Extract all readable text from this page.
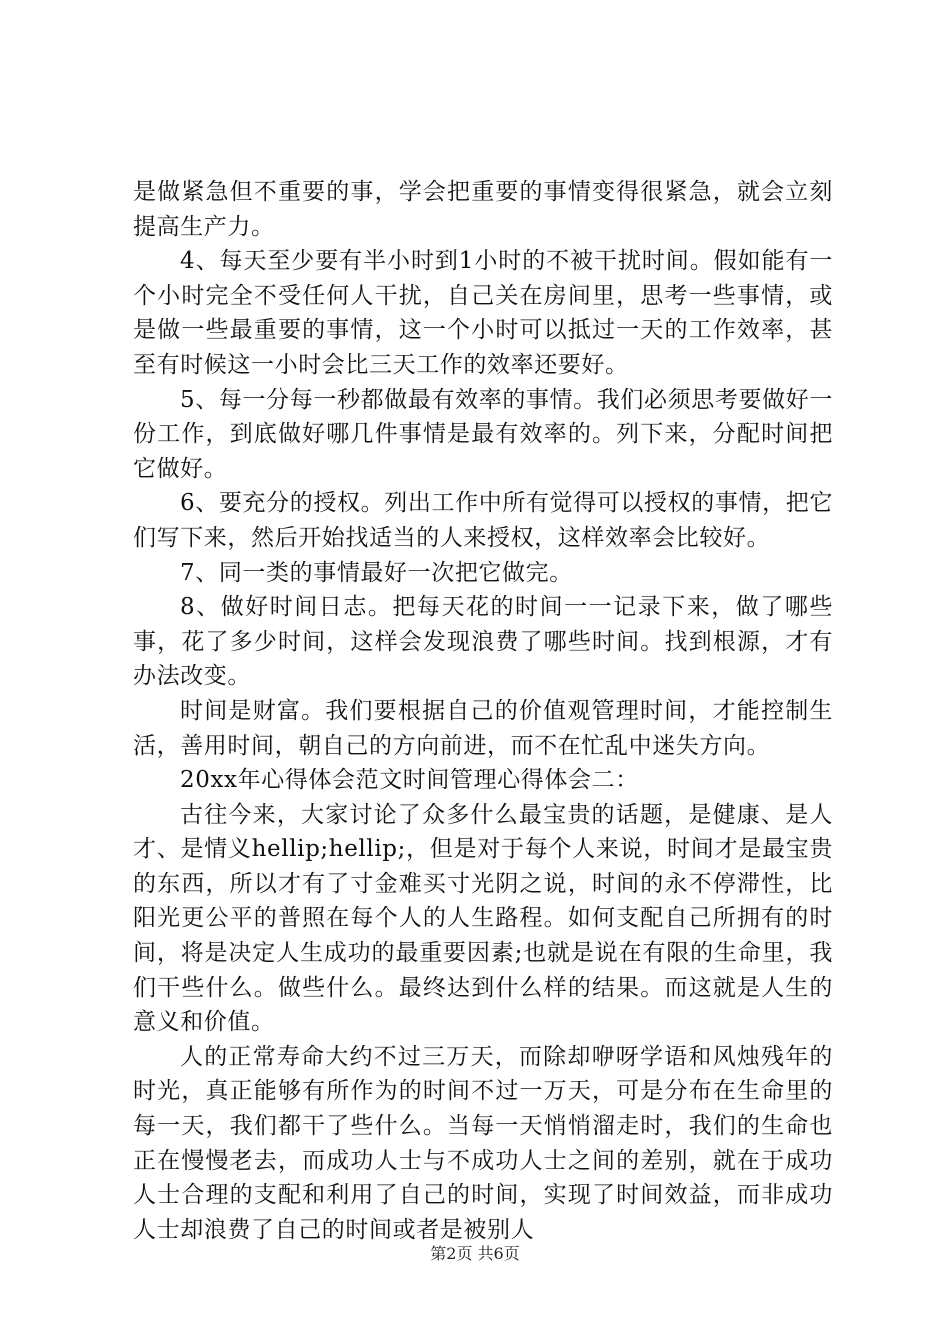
是做紧急但不重要的事，学会把重要的事情变得很紧急，就会立刻提高生产力。

4、每天至少要有半小时到1小时的不被干扰时间。假如能有一个小时完全不受任何人干扰，自己关在房间里，思考一些事情，或是做一些最重要的事情，这一个小时可以抵过一天的工作效率，甚至有时候这一小时会比三天工作的效率还要好。

5、每一分每一秒都做最有效率的事情。我们必须思考要做好一份工作，到底做好哪几件事情是最有效率的。列下来，分配时间把它做好。

6、要充分的授权。列出工作中所有觉得可以授权的事情，把它们写下来，然后开始找适当的人来授权，这样效率会比较好。

7、同一类的事情最好一次把它做完。

8、做好时间日志。把每天花的时间一一记录下来，做了哪些事，花了多少时间，这样会发现浪费了哪些时间。找到根源，才有办法改变。

时间是财富。我们要根据自己的价值观管理时间，才能控制生活，善用时间，朝自己的方向前进，而不在忙乱中迷失方向。

20xx年心得体会范文时间管理心得体会二：

古往今来，大家讨论了众多什么最宝贵的话题，是健康、是人才、是情义hellip;hellip;，但是对于每个人来说，时间才是最宝贵的东西，所以才有了寸金难买寸光阴之说，时间的永不停滞性，比阳光更公平的普照在每个人的人生路程。如何支配自己所拥有的时间，将是决定人生成功的最重要因素;也就是说在有限的生命里，我们干些什么。做些什么。最终达到什么样的结果。而这就是人生的意义和价值。

人的正常寿命大约不过三万天，而除却咿呀学语和风烛残年的时光，真正能够有所作为的时间不过一万天，可是分布在生命里的每一天，我们都干了些什么。当每一天悄悄溜走时，我们的生命也正在慢慢老去，而成功人士与不成功人士之间的差别，就在于成功人士合理的支配和利用了自己的时间，实现了时间效益，而非成功人士却浪费了自己的时间或者是被别人

第2页 共6页
